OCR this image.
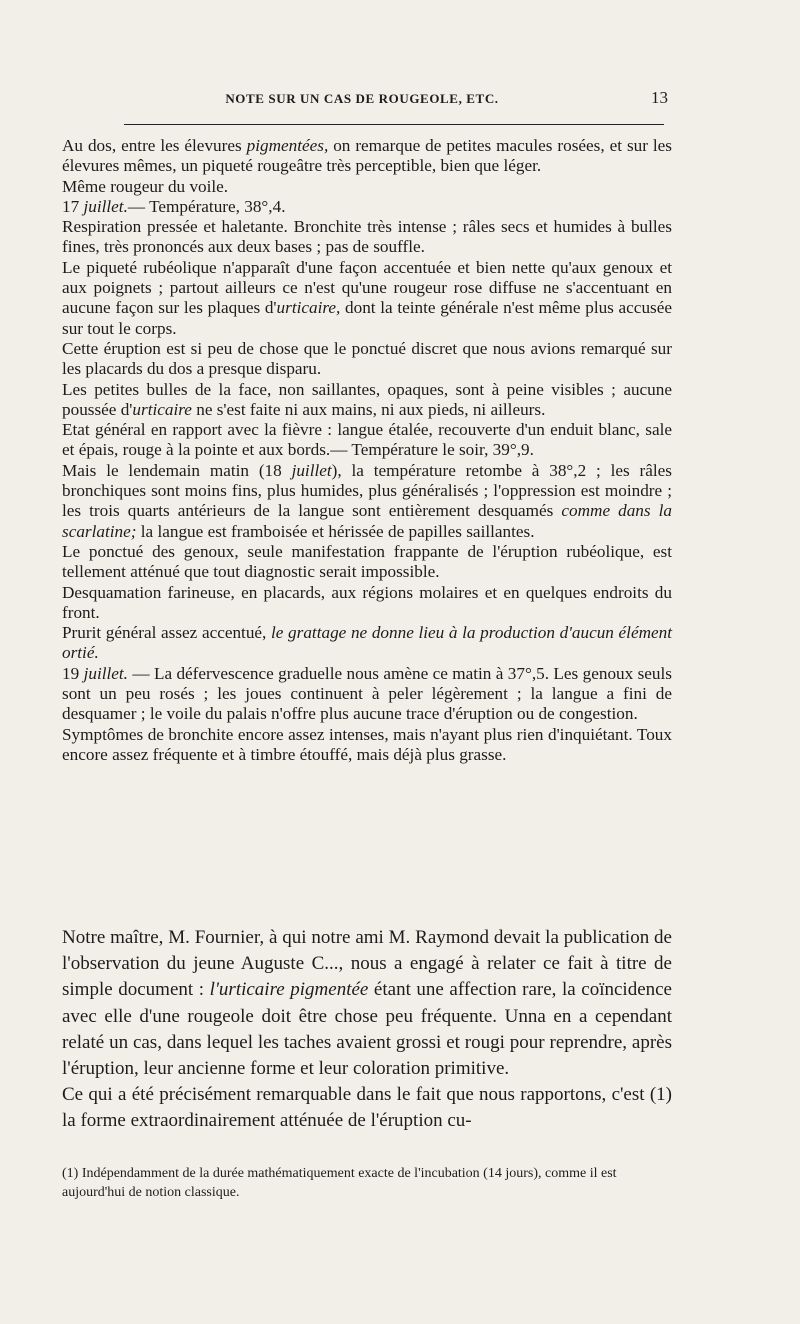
NOTE SUR UN CAS DE ROUGEOLE, ETC.	13

Au dos, entre les élevures pigmentées, on remarque de petites macules rosées, et sur les élevures mêmes, un piqueté rougeâtre très perceptible, bien que léger.

Même rougeur du voile.

17 juillet.— Température, 38°,4.

Respiration pressée et haletante. Bronchite très intense ; râles secs et humides à bulles fines, très prononcés aux deux bases ; pas de souffle.

Le piqueté rubéolique n'apparaît d'une façon accentuée et bien nette qu'aux genoux et aux poignets ; partout ailleurs ce n'est qu'une rougeur rose diffuse ne s'accentuant en aucune façon sur les plaques d'urticaire, dont la teinte générale n'est même plus accusée sur tout le corps.

Cette éruption est si peu de chose que le ponctué discret que nous avions remarqué sur les placards du dos a presque disparu.

Les petites bulles de la face, non saillantes, opaques, sont à peine visibles ; aucune poussée d'urticaire ne s'est faite ni aux mains, ni aux pieds, ni ailleurs.

Etat général en rapport avec la fièvre : langue étalée, recouverte d'un enduit blanc, sale et épais, rouge à la pointe et aux bords.— Température le soir, 39°,9.

Mais le lendemain matin (18 juillet), la température retombe à 38°,2 ; les râles bronchiques sont moins fins, plus humides, plus généralisés ; l'oppression est moindre ; les trois quarts antérieurs de la langue sont entièrement desquamés comme dans la scarlatine; la langue est framboisée et hérissée de papilles saillantes.

Le ponctué des genoux, seule manifestation frappante de l'éruption rubéolique, est tellement atténué que tout diagnostic serait impossible.

Desquamation farineuse, en placards, aux régions molaires et en quelques endroits du front.

Prurit général assez accentué, le grattage ne donne lieu à la production d'aucun élément ortié.

19 juillet. — La défervescence graduelle nous amène ce matin à 37°,5. Les genoux seuls sont un peu rosés ; les joues continuent à peler légèrement ; la langue a fini de desquamer ; le voile du palais n'offre plus aucune trace d'éruption ou de congestion.

Symptômes de bronchite encore assez intenses, mais n'ayant plus rien d'inquiétant. Toux encore assez fréquente et à timbre étouffé, mais déjà plus grasse.

Notre maître, M. Fournier, à qui notre ami M. Raymond devait la publication de l'observation du jeune Auguste C..., nous a engagé à relater ce fait à titre de simple document : l'urticaire pigmentée étant une affection rare, la coïncidence avec elle d'une rougeole doit être chose peu fréquente. Unna en a cependant relaté un cas, dans lequel les taches avaient grossi et rougi pour reprendre, après l'éruption, leur ancienne forme et leur coloration primitive.

Ce qui a été précisément remarquable dans le fait que nous rapportons, c'est (1) la forme extraordinairement atténuée de l'éruption cu-

(1) Indépendamment de la durée mathématiquement exacte de l'incubation (14 jours), comme il est aujourd'hui de notion classique.
